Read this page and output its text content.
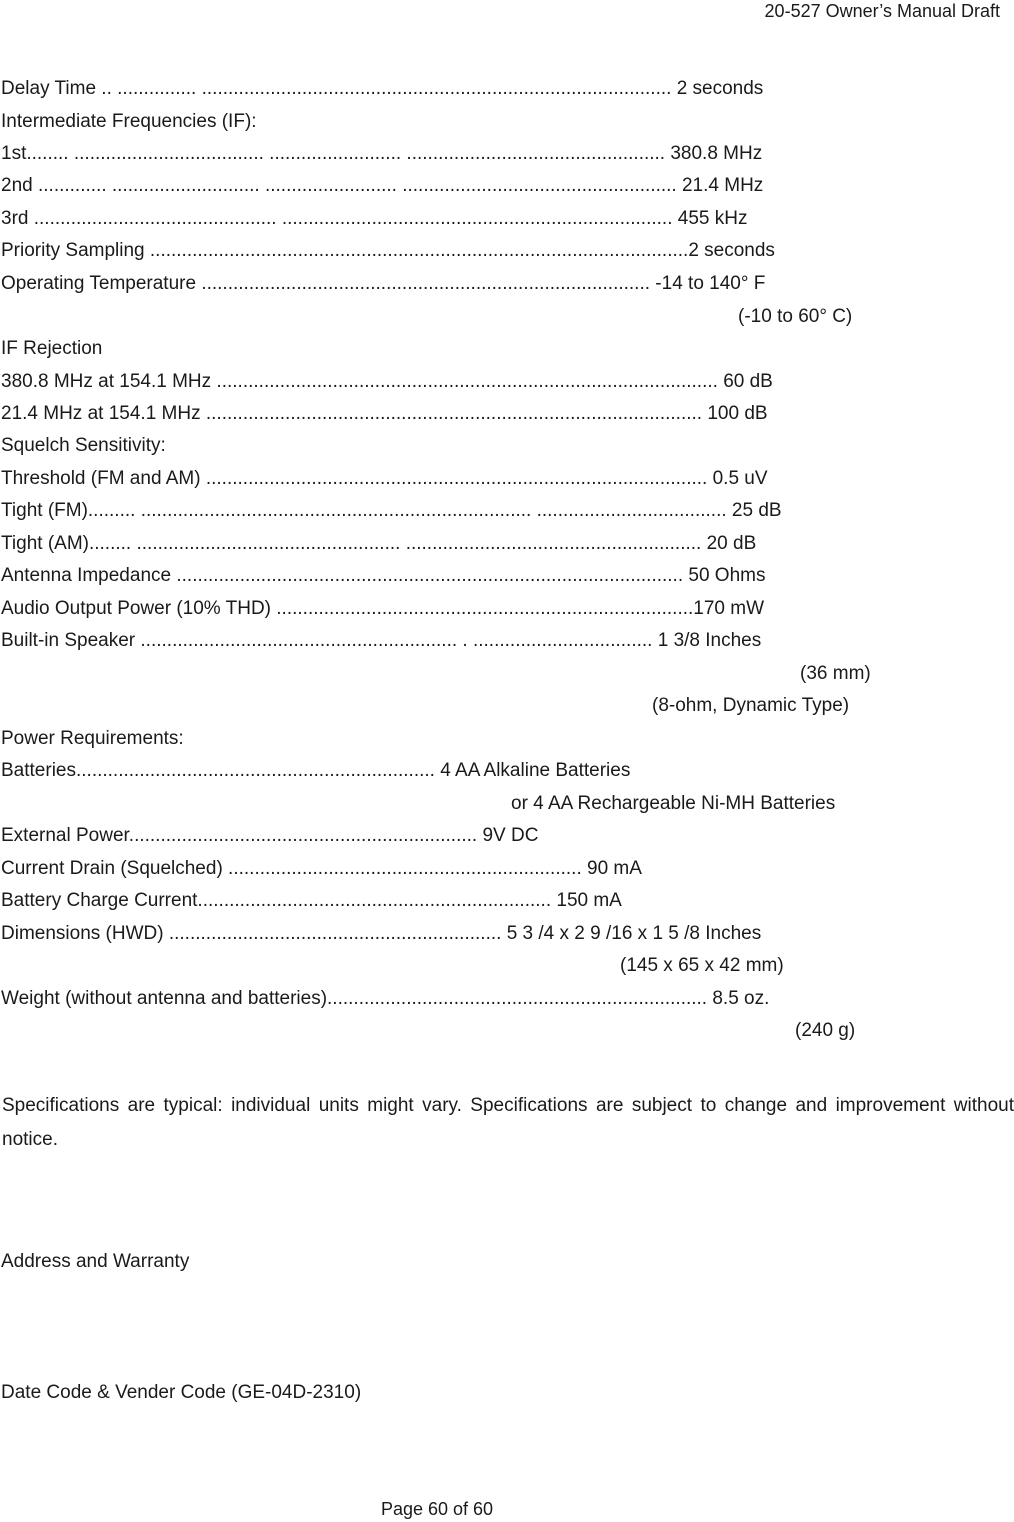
20-527 Owner’s Manual Draft
Delay Time .. ............... ......................................................................................... 2 seconds
Intermediate Frequencies (IF):
1st........ .................................... ......................... ................................................. 380.8 MHz
2nd ............. ............................ ......................... .................................................... 21.4 MHz
3rd .............................................. .......................................................................... 455 kHz
Priority Sampling ......................................................................................................2 seconds
Operating Temperature ..................................................................................... -14 to 140° F
(-10 to 60° C)
IF Rejection
380.8 MHz at 154.1 MHz ............................................................................................... 60 dB
21.4 MHz at 154.1 MHz .............................................................................................. 100 dB
Squelch Sensitivity:
Threshold (FM and AM) ............................................................................................... 0.5 uV
Tight (FM)......... .......................................................................... .................................... 25 dB
Tight (AM)........ .................................................. ........................................................ 20 dB
Antenna Impedance ................................................................................................ 50 Ohms
Audio Output Power (10% THD) ...............................................................................170 mW
Built-in Speaker ............................................................ . .................................. 1 3/8 Inches
(36 mm)
(8-ohm, Dynamic Type)
Power Requirements:
Batteries.................................................................... 4 AA Alkaline Batteries
or 4 AA Rechargeable Ni-MH Batteries
External Power.................................................................. 9V DC
Current Drain (Squelched) ................................................................... 90 mA
Battery Charge Current................................................................... 150 mA
Dimensions (HWD) ............................................................... 5 3 /4 x 2 9 /16 x 1 5 /8 Inches
(145 x 65 x 42 mm)
Weight (without antenna and batteries)........................................................................ 8.5 oz.
(240 g)
Specifications are typical: individual units might vary. Specifications are subject to change and improvement without notice.
Address and Warranty
Date Code & Vender Code (GE-04D-2310)
Page 60 of 60
